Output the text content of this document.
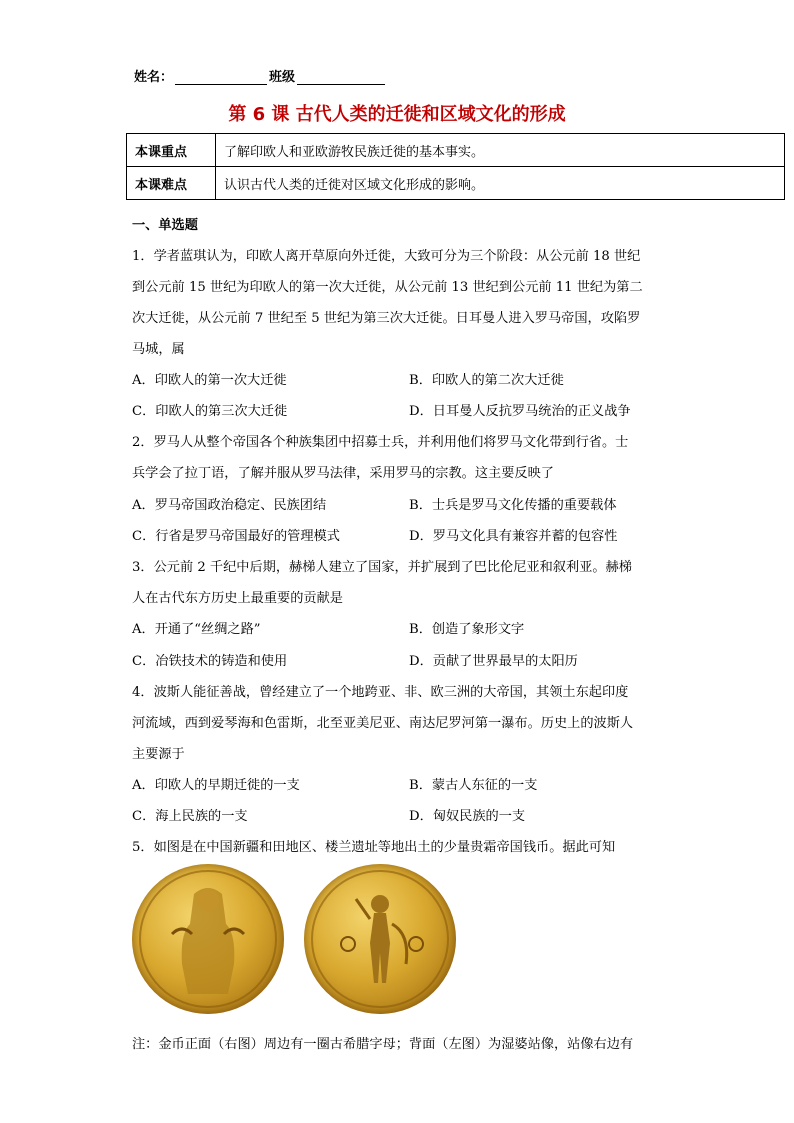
姓名：	班级
第 6 课 古代人类的迁徙和区域文化的形成
本课重点	了解印欧人和亚欧游牧民族迁徙的基本事实。
本课难点	认识古代人类的迁徙对区域文化形成的影响。
一、单选题
1．学者蓝琪认为，印欧人离开草原向外迁徙，大致可分为三个阶段：从公元前 18 世纪
到公元前 15 世纪为印欧人的第一次大迁徙，从公元前 13 世纪到公元前 11 世纪为第二
次大迁徙，从公元前 7 世纪至 5 世纪为第三次大迁徙。日耳曼人进入罗马帝国，攻陷罗
马城，属
A．印欧人的第一次大迁徙	B．印欧人的第二次大迁徙
C．印欧人的第三次大迁徙	D．日耳曼人反抗罗马统治的正义战争
2．罗马人从整个帝国各个种族集团中招募士兵，并利用他们将罗马文化带到行省。士
兵学会了拉丁语，了解并服从罗马法律，采用罗马的宗教。这主要反映了
A．罗马帝国政治稳定、民族团结	B．士兵是罗马文化传播的重要载体
C．行省是罗马帝国最好的管理模式	D．罗马文化具有兼容并蓄的包容性
3．公元前 2 千纪中后期，赫梯人建立了国家，并扩展到了巴比伦尼亚和叙利亚。赫梯
人在古代东方历史上最重要的贡献是
A．开通了“丝绸之路”	B．创造了象形文字
C．冶铁技术的铸造和使用	D．贡献了世界最早的太阳历
4．波斯人能征善战，曾经建立了一个地跨亚、非、欧三洲的大帝国，其领土东起印度
河流域，西到爱琴海和色雷斯，北至亚美尼亚、南达尼罗河第一瀑布。历史上的波斯人
主要源于
A．印欧人的早期迁徙的一支	B．蒙古人东征的一支
C．海上民族的一支	D．匈奴民族的一支
5．如图是在中国新疆和田地区、楼兰遗址等地出土的少量贵霜帝国钱币。据此可知
注：金币正面（右图）周边有一圈古希腊字母；背面（左图）为湿婆站像，站像右边有
